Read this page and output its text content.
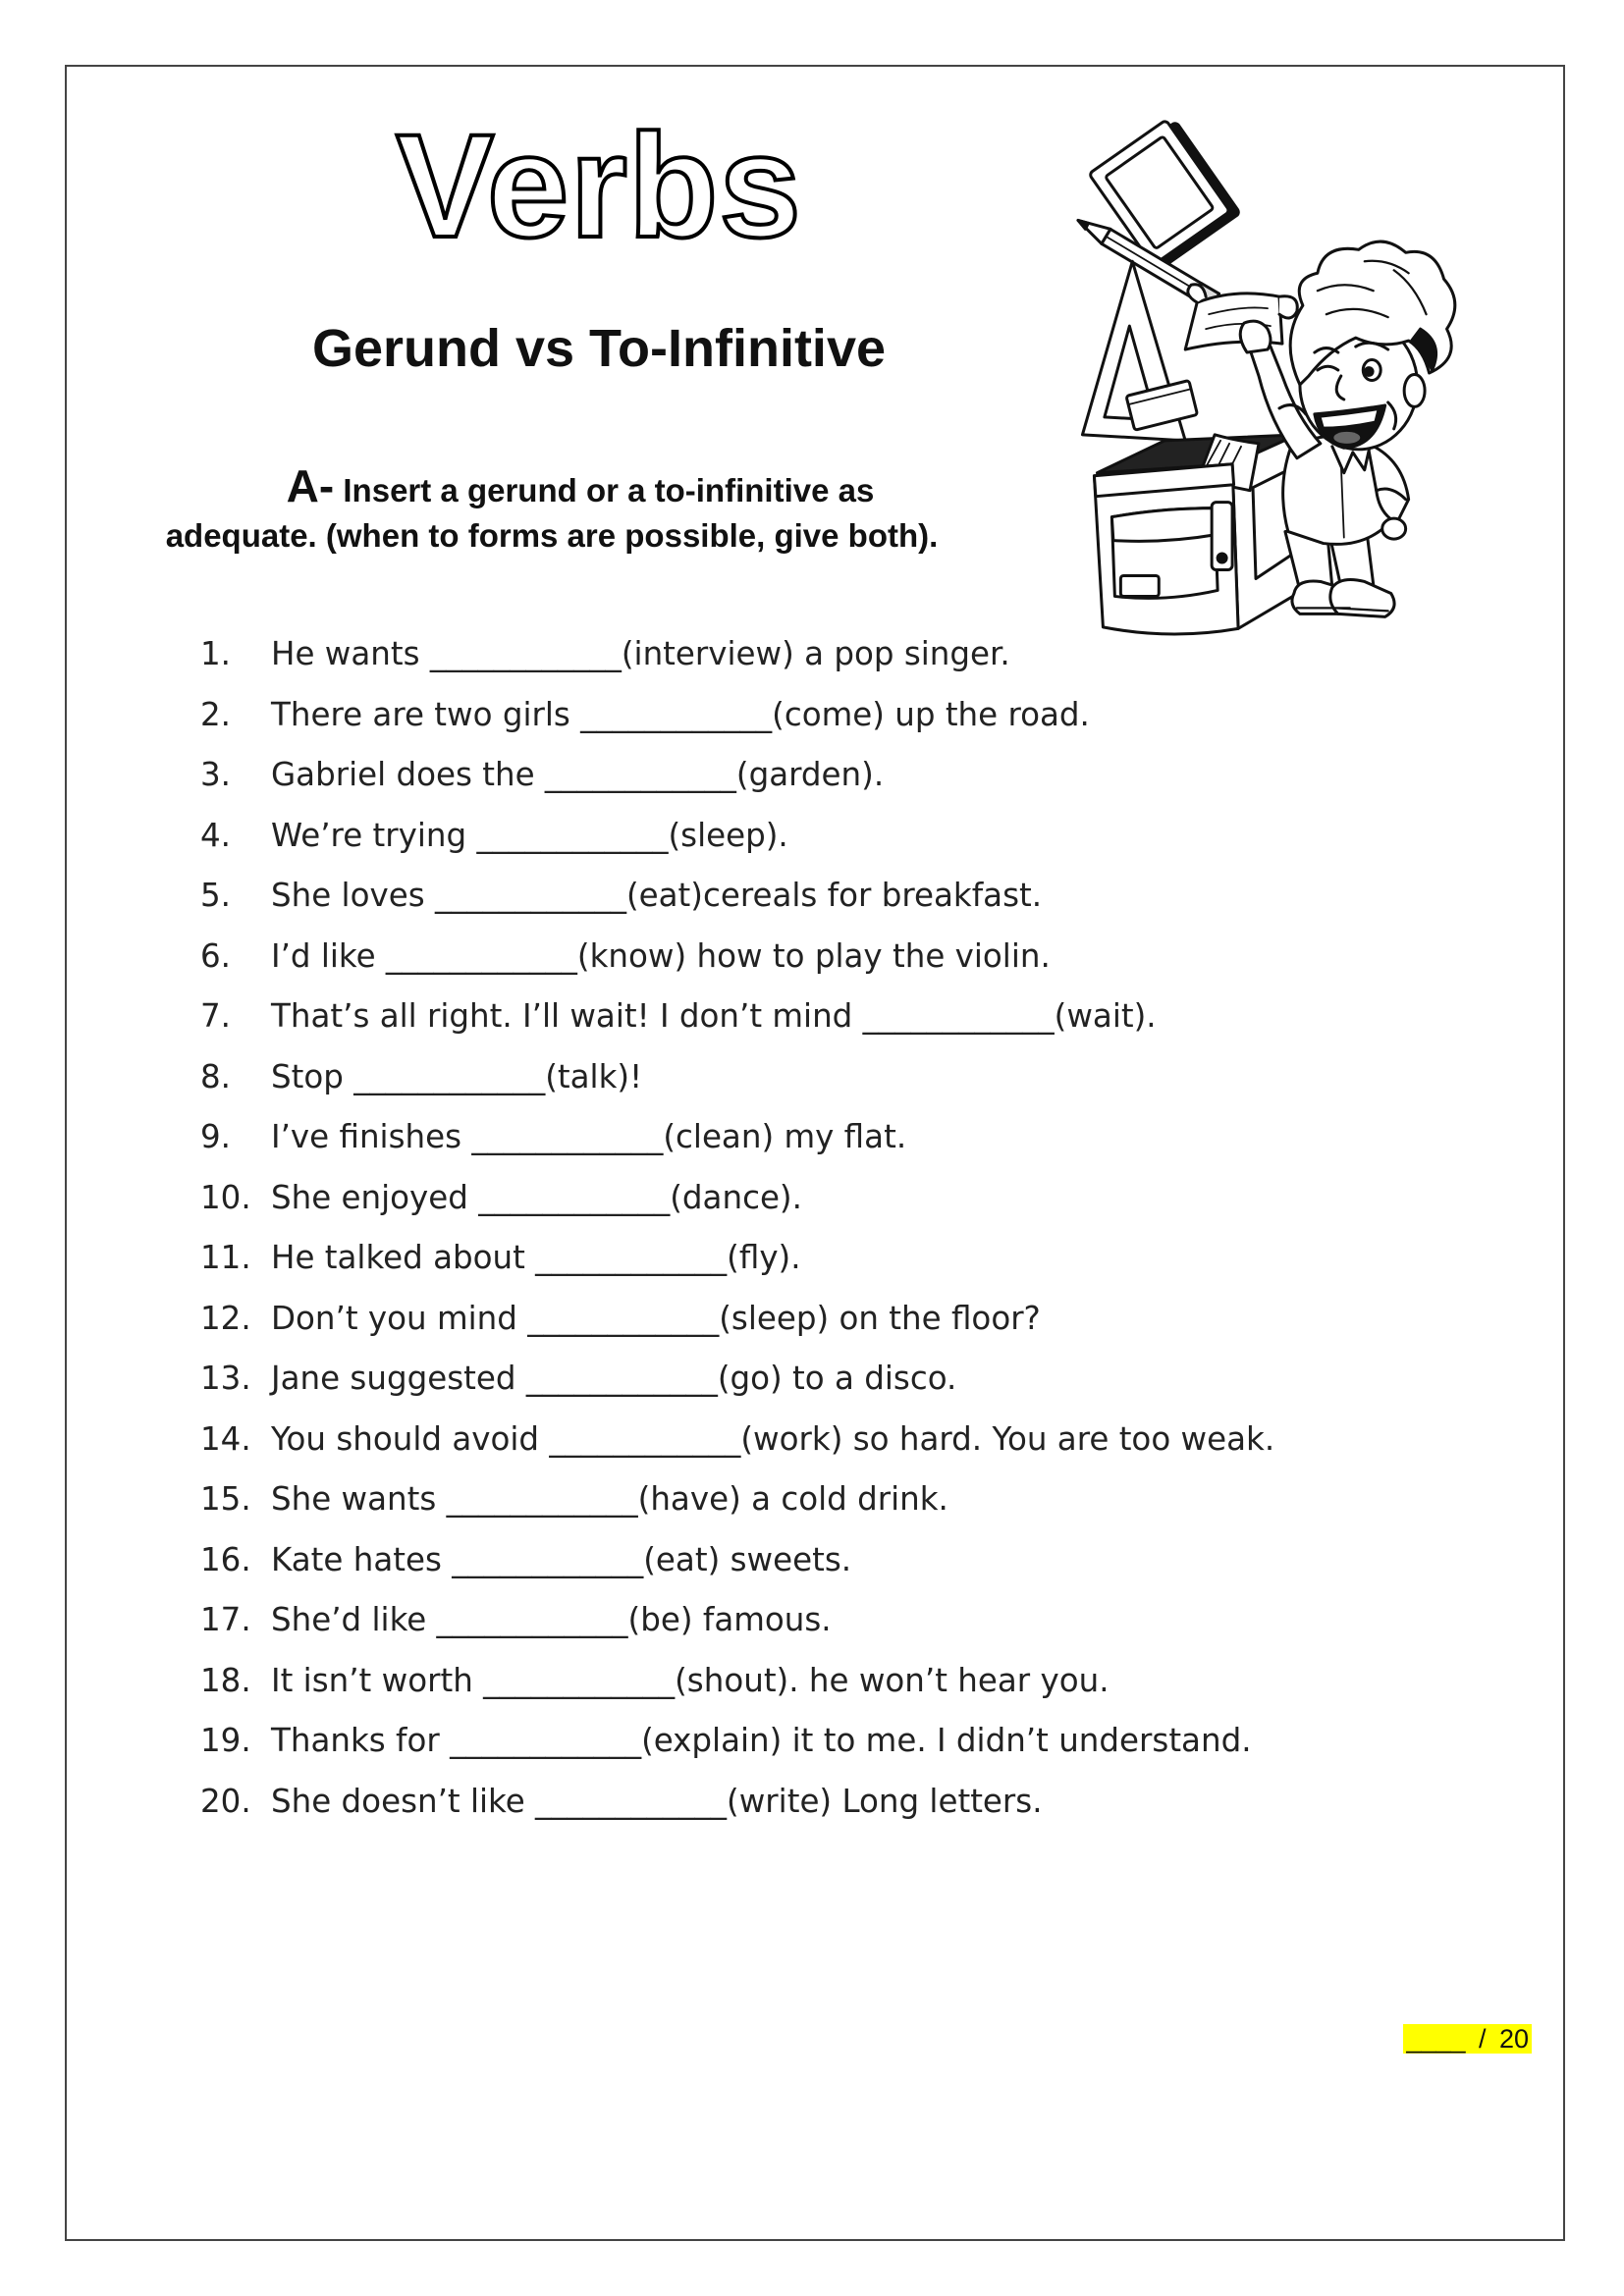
Verbs
Gerund vs To-Infinitive
A- Insert a gerund or a to-infinitive as
adequate. (when to forms are possible, give both).
1.	He wants ____________(interview) a pop singer.
2.	There are two girls ____________(come) up the road.
3.	Gabriel does the ____________(garden).
4.	We’re trying ____________(sleep).
5.	She loves ____________(eat)cereals for breakfast.
6.	I’d like ____________(know) how to play the violin.
7.	That’s all right. I’ll wait! I don’t mind ____________(wait).
8.	Stop ____________(talk)!
9.	I’ve finishes ____________(clean) my flat.
10. She enjoyed ____________(dance).
11. He talked about ____________(fly).
12. Don’t you mind ____________(sleep) on the floor?
13. Jane suggested ____________(go) to a disco.
14. You should avoid ____________(work) so hard. You are too weak.
15. She wants ____________(have) a cold drink.
16. Kate hates ____________(eat) sweets.
17. She’d like ____________(be) famous.
18. It isn’t worth ____________(shout). he won’t hear you.
19. Thanks for ____________(explain) it to me. I didn’t understand.
20. She doesn’t like ____________(write) Long letters.
____ / 20
